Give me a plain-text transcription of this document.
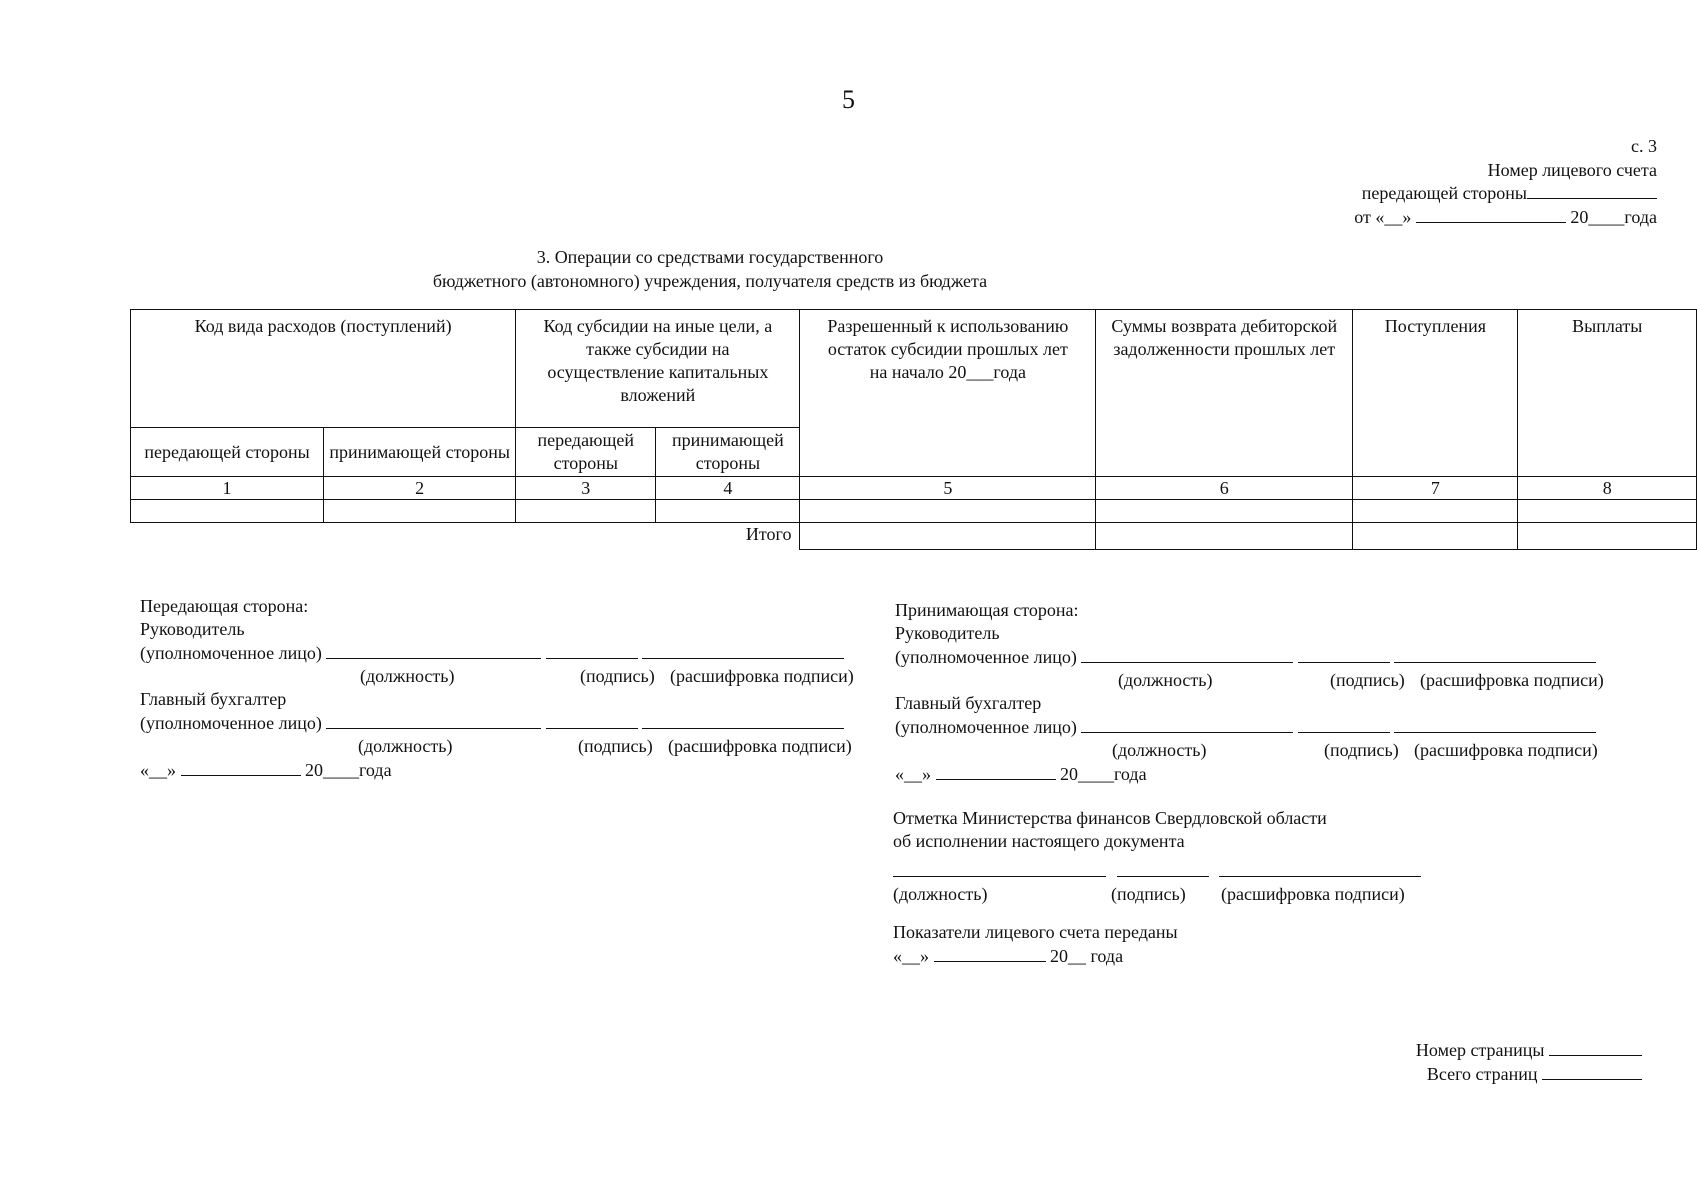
5
с. 3
Номер лицевого счета
передающей стороны
от «__»	20____года
3. Операции со средствами государственного
бюджетного (автономного) учреждения, получателя средств из бюджета
Код вида расходов (поступлений)		Код субсидии на иные цели, а также субсидии на осуществление капитальных вложений		Разрешенный к использованию остаток субсидии прошлых лет на начало 20___года	Суммы возврата дебиторской задолженности прошлых лет	Поступления	Выплаты
передающей стороны	принимающей стороны	передающей стороны	принимающей стороны				
1	2	3	4	5	6	7	8

Итого							
Передающая сторона:
Руководитель
(уполномоченное лицо)
(должность)	(подпись) (расшифровка подписи)
Главный бухгалтер
(уполномоченное лицо)
(должность)	(подпись) (расшифровка подписи)
«__»	20____года
Принимающая сторона:
Руководитель
(уполномоченное лицо)
(должность)	(подпись) (расшифровка подписи)
Главный бухгалтер
(уполномоченное лицо)
(должность)	(подпись) (расшифровка подписи)
«__»	20____года
Отметка Министерства финансов Свердловской области
об исполнении настоящего документа

(должность)	(подпись) (расшифровка подписи)
Показатели лицевого счета переданы
«__»	20__ года
Номер страницы
Всего страниц
